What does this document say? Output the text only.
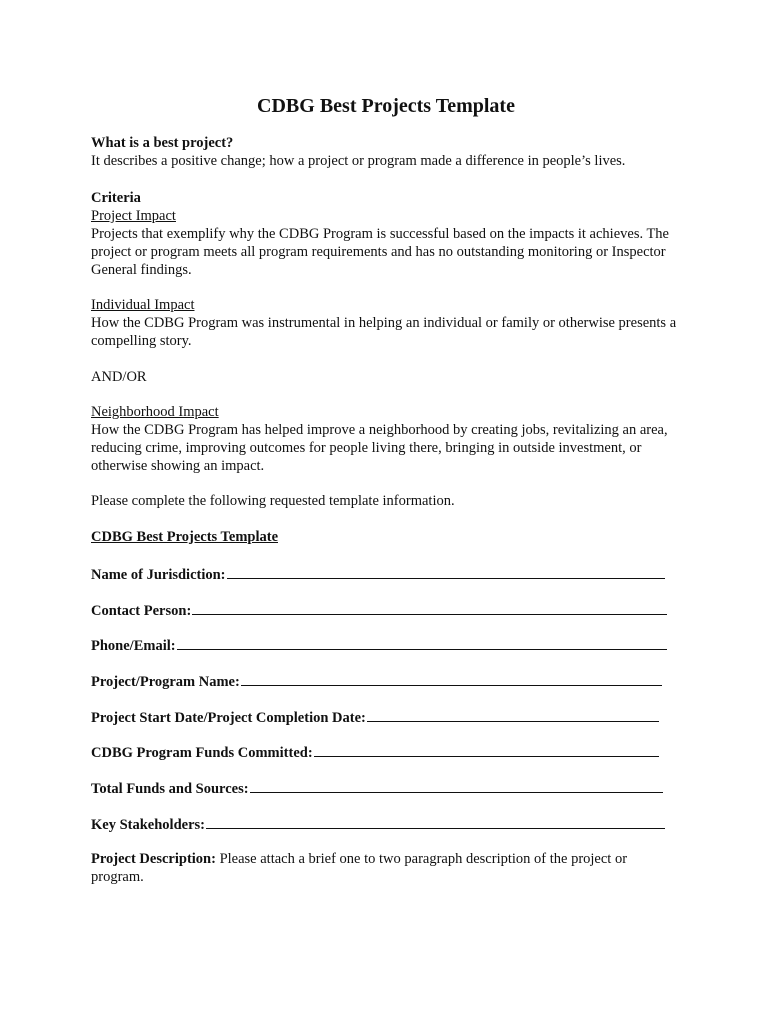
CDBG Best Projects Template
What is a best project?
It describes a positive change; how a project or program made a difference in people’s lives.
Criteria
Project Impact
Projects that exemplify why the CDBG Program is successful based on the impacts it achieves. The project or program meets all program requirements and has no outstanding monitoring or Inspector General findings.
Individual Impact
How the CDBG Program was instrumental in helping an individual or family or otherwise presents a compelling story.
AND/OR
Neighborhood Impact
How the CDBG Program has helped improve a neighborhood by creating jobs, revitalizing an area, reducing crime, improving outcomes for people living there, bringing in outside investment, or otherwise showing an impact.
Please complete the following requested template information.
CDBG Best Projects Template
Name of Jurisdiction:
Contact Person:
Phone/Email:
Project/Program Name:
Project Start Date/Project Completion Date:
CDBG Program Funds Committed:
Total Funds and Sources:
Key Stakeholders:
Project Description: Please attach a brief one to two paragraph description of the project or program.
